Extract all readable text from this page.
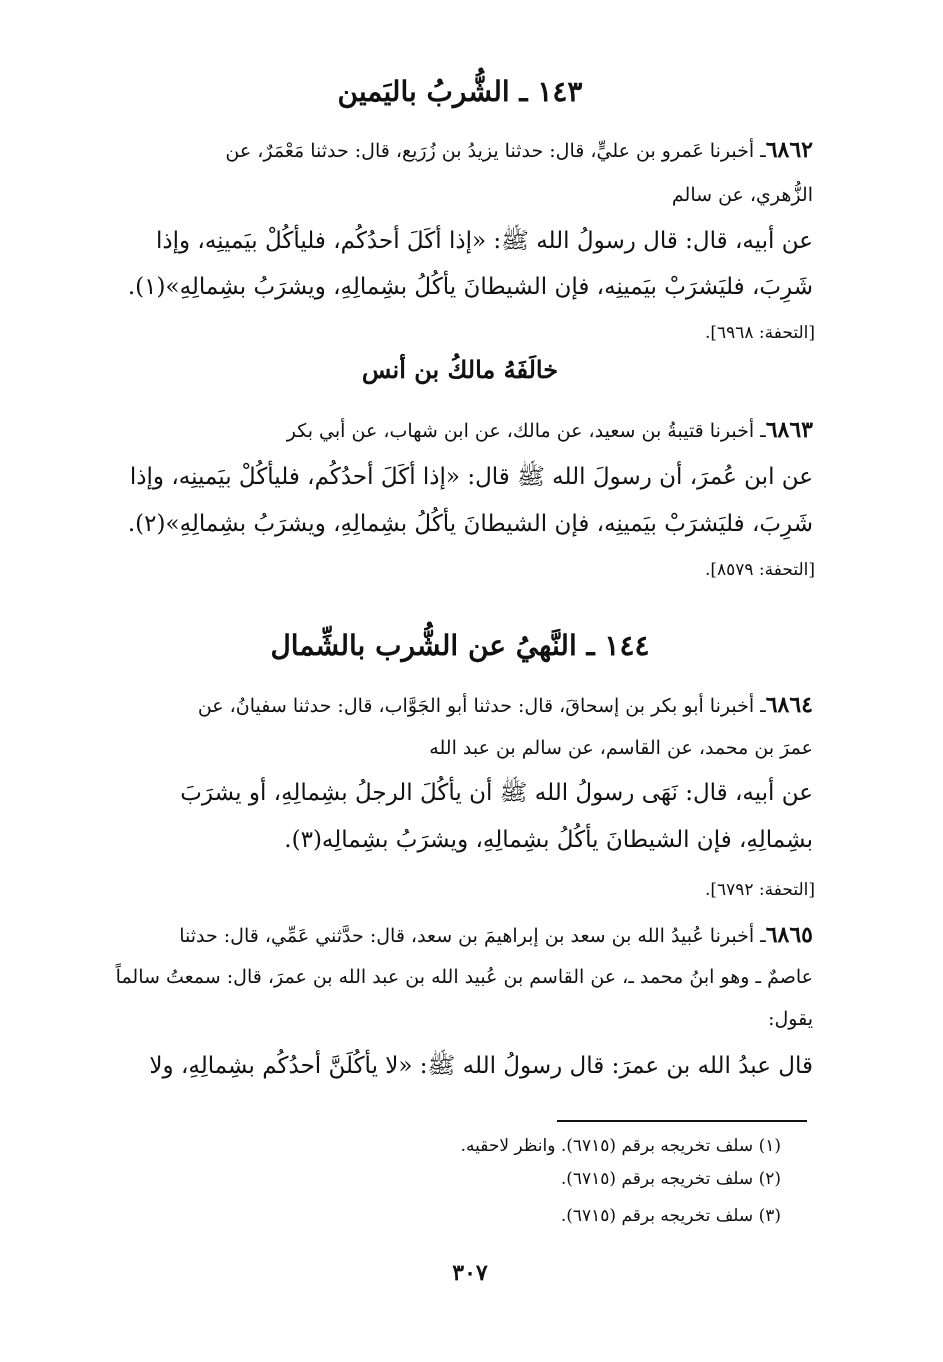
١٤٣ ـ الشُّربُ باليَمين
٦٨٦٢ـ أخبرنا عَمرو بن عليٍّ، قال: حدثنا يزيدُ بن زُرَيع، قال: حدثنا مَعْمَرٌ، عن
الزُّهري، عن سالم
عن أبيه، قال: قال رسولُ الله ﷺ: «إذا أكَلَ أحدُكُم، فليأكُلْ بيَمينِه، وإذا
شَرِبَ، فليَشرَبْ بيَمينِه، فإن الشيطانَ يأكُلُ بشِمالِهِ، ويشرَبُ بشِمالِهِ»(١).
[التحفة: ٦٩٦٨].
خالَفَهُ مالكُ بن أنس
٦٨٦٣ـ أخبرنا قتيبةُ بن سعيد، عن مالك، عن ابن شهاب، عن أبي بكر
عن ابن عُمرَ، أن رسولَ الله ﷺ قال: «إذا أكَلَ أحدُكُم، فليأكُلْ بيَمينِه، وإذا
شَرِبَ، فليَشرَبْ بيَمينِه، فإن الشيطانَ يأكُلُ بشِمالِهِ، ويشرَبُ بشِمالِهِ»(٢).
[التحفة: ٨٥٧٩].
١٤٤ ـ النَّهيُ عن الشُّرب بالشِّمال
٦٨٦٤ـ أخبرنا أبو بكر بن إسحاقَ، قال: حدثنا أبو الجَوَّاب، قال: حدثنا سفيانُ، عن
عمرَ بن محمد، عن القاسم، عن سالم بن عبد الله
عن أبيه، قال: نَهَى رسولُ الله ﷺ أن يأكُلَ الرجلُ بشِمالِهِ، أو يشرَبَ
بشِمالِهِ، فإن الشيطانَ يأكُلُ بشِمالِهِ، ويشرَبُ بشِمالِه(٣).
[التحفة: ٦٧٩٢].
٦٨٦٥ـ أخبرنا عُبيدُ الله بن سعد بن إبراهيمَ بن سعد، قال: حدَّثني عَمِّي، قال: حدثنا
عاصمٌ ـ وهو ابنُ محمد ـ، عن القاسم بن عُبيد الله بن عبد الله بن عمرَ، قال: سمعتُ سالماً
يقول:
قال عبدُ الله بن عمرَ: قال رسولُ الله ﷺ: «لا يأكُلَنَّ أحدُكُم بشِمالِهِ، ولا
(١) سلف تخريجه برقم (٦٧١٥). وانظر لاحقيه.
(٢) سلف تخريجه برقم (٦٧١٥).
(٣) سلف تخريجه برقم (٦٧١٥).
٣٠٧
